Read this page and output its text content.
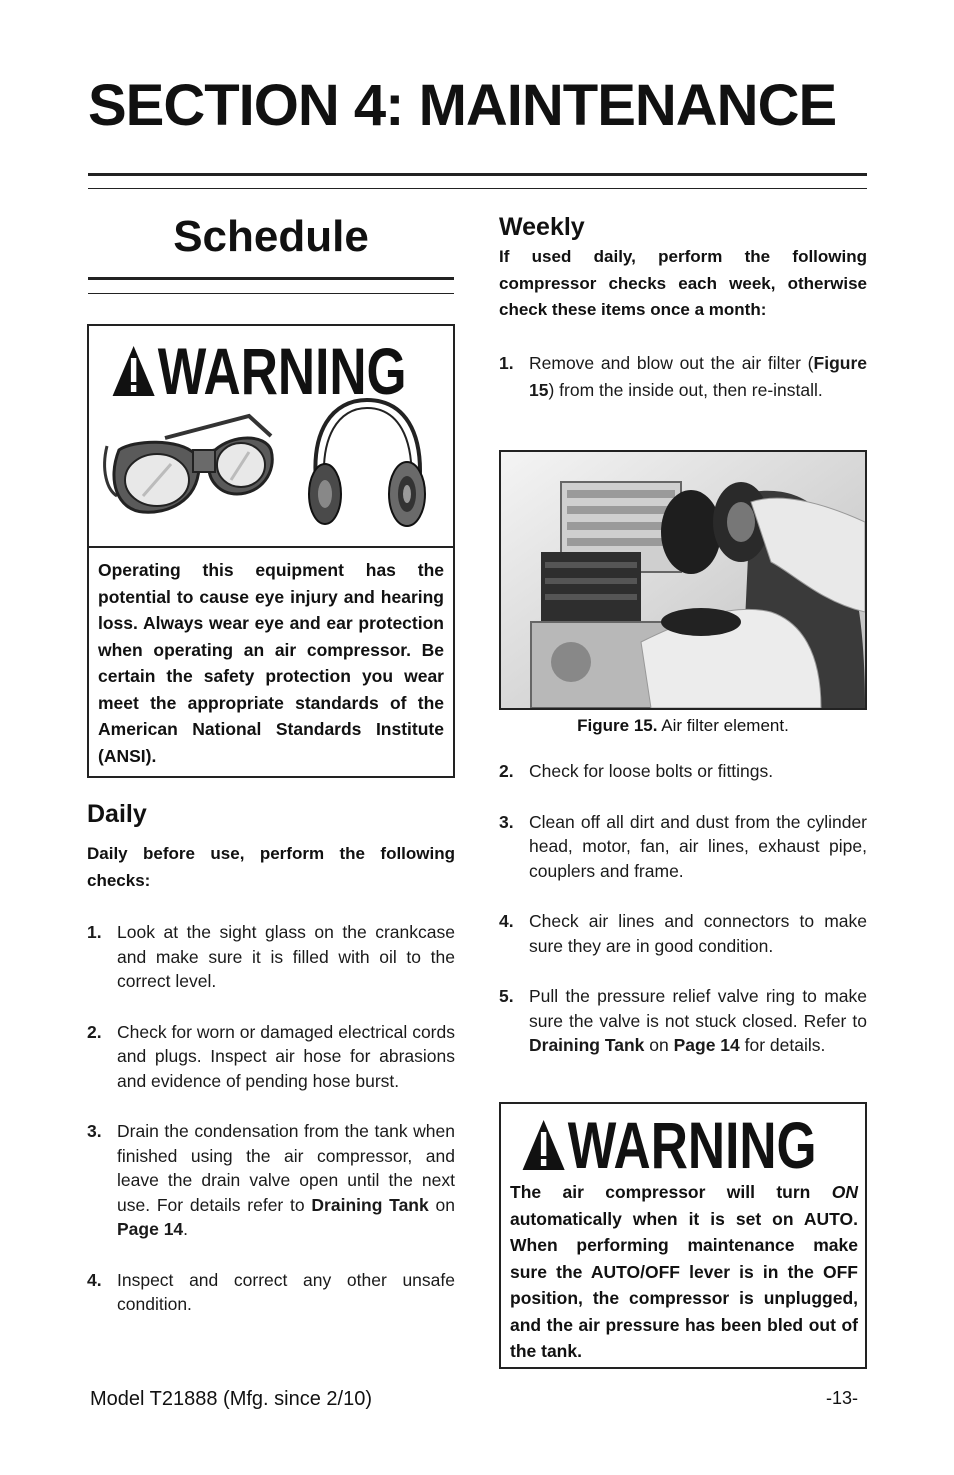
SECTION 4: MAINTENANCE
Schedule
WARNING
Operating this equipment has the potential to cause eye injury and hearing loss. Always wear eye and ear protection when operating an air compressor. Be certain the safety protection you wear meet the appropriate standards of the American National Standards Institute (ANSI).
Daily
Daily before use, perform the following checks:
1. Look at the sight glass on the crankcase and make sure it is filled with oil to the correct level.
2. Check for worn or damaged electrical cords and plugs. Inspect air hose for abrasions and evidence of pending hose burst.
3. Drain the condensation from the tank when finished using the air compressor, and leave the drain valve open until the next use. For details refer to Draining Tank on Page 14.
4. Inspect and correct any other unsafe condition.
Weekly
If used daily, perform the following compressor checks each week, otherwise check these items once a month:
1. Remove and blow out the air filter (Figure 15) from the inside out, then re-install.
Figure 15. Air filter element.
2. Check for loose bolts or fittings.
3. Clean off all dirt and dust from the cylinder head, motor, fan, air lines, exhaust pipe, couplers and frame.
4. Check air lines and connectors to make sure they are in good condition.
5. Pull the pressure relief valve ring to make sure the valve is not stuck closed. Refer to Draining Tank on Page 14 for details.
WARNING
The air compressor will turn ON automatically when it is set on AUTO. When performing maintenance make sure the AUTO/OFF lever is in the OFF position, the compressor is unplugged, and the air pressure has been bled out of the tank.
Model T21888 (Mfg. since 2/10)	-13-
